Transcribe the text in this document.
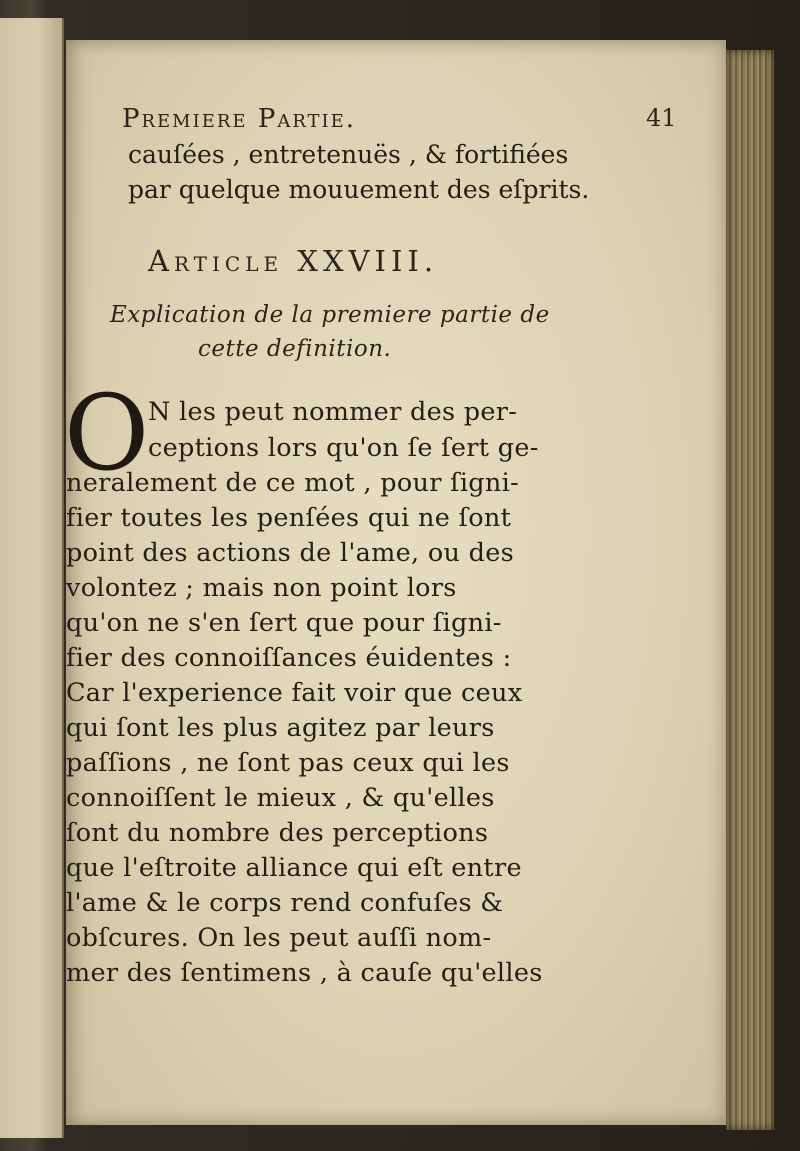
Premiere Partie.	41
cauſées , entretenuës , & fortifiées
par quelque mouuement des eſprits.
Article XXVIII.
Explication de la premiere partie de
cette definition.
O
N les peut nommer des per-
ceptions lors qu'on ſe ſert ge-
neralement de ce mot , pour ſigni-
fier toutes les penſées qui ne ſont
point des actions de l'ame, ou des
volontez ; mais non point lors
qu'on ne s'en ſert que pour ſigni-
fier des connoiſſances éuidentes :
Car l'experience fait voir que ceux
qui ſont les plus agitez par leurs
paſſions , ne ſont pas ceux qui les
connoiſſent le mieux , & qu'elles
ſont du nombre des perceptions
que l'eſtroite alliance qui eſt entre
l'ame & le corps rend confuſes &
obſcures. On les peut auſſi nom-
mer des ſentimens , à cauſe qu'elles
